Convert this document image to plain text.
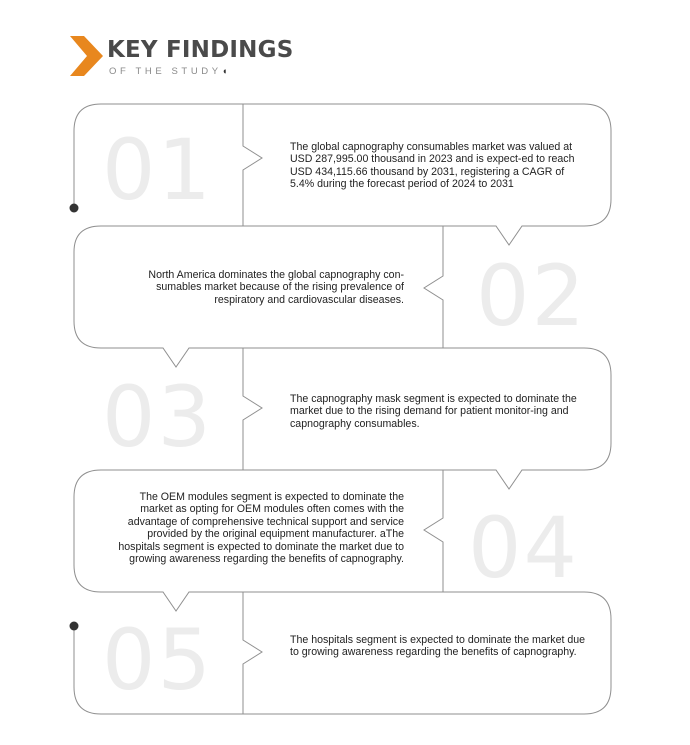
KEY FINDINGS
OF THE STUDY◖
01	The global capnography consumables market was valued at USD 287,995.00 thousand in 2023 and is expect-ed to reach USD 434,115.66 thousand by 2031, registering a CAGR of 5.4% during the forecast period of 2024 to 2031
02
North America dominates the global capnography con-sumables market because of the rising prevalence of respiratory and cardiovascular diseases.
03	The capnography mask segment is expected to dominate the market due to the rising demand for patient monitor-ing and capnography consumables.
04
The OEM modules segment is expected to dominate the market as opting for OEM modules often comes with the advantage of comprehensive technical support and service provided by the original equipment manufacturer. aThe hospitals segment is expected to dominate the market due to growing awareness regarding the benefits of capnography.
05	The hospitals segment is expected to dominate the market due to growing awareness regarding the benefits of capnography.
